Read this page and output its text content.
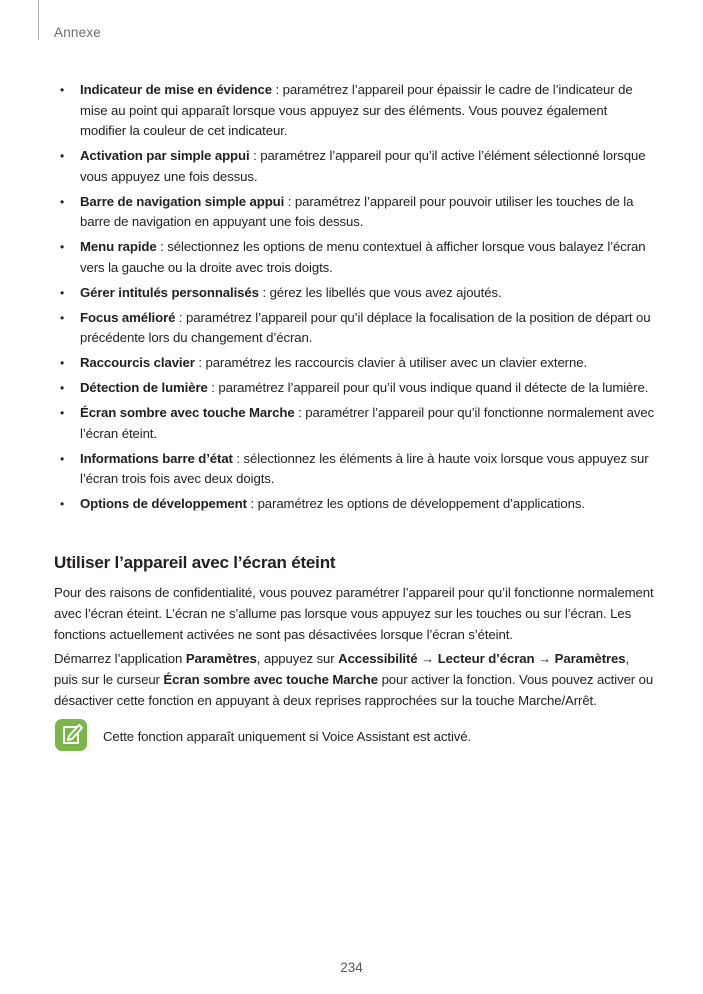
Annexe
• Indicateur de mise en évidence : paramétrez l’appareil pour épaissir le cadre de l’indicateur de mise au point qui apparaît lorsque vous appuyez sur des éléments. Vous pouvez également modifier la couleur de cet indicateur.
• Activation par simple appui : paramétrez l’appareil pour qu’il active l’élément sélectionné lorsque vous appuyez une fois dessus.
• Barre de navigation simple appui : paramétrez l’appareil pour pouvoir utiliser les touches de la barre de navigation en appuyant une fois dessus.
• Menu rapide : sélectionnez les options de menu contextuel à afficher lorsque vous balayez l’écran vers la gauche ou la droite avec trois doigts.
• Gérer intitulés personnalisés : gérez les libellés que vous avez ajoutés.
• Focus amélioré : paramétrez l’appareil pour qu’il déplace la focalisation de la position de départ ou précédente lors du changement d’écran.
• Raccourcis clavier : paramétrez les raccourcis clavier à utiliser avec un clavier externe.
• Détection de lumière : paramétrez l’appareil pour qu’il vous indique quand il détecte de la lumière.
• Écran sombre avec touche Marche : paramétrer l’appareil pour qu’il fonctionne normalement avec l’écran éteint.
• Informations barre d’état : sélectionnez les éléments à lire à haute voix lorsque vous appuyez sur l’écran trois fois avec deux doigts.
• Options de développement : paramétrez les options de développement d’applications.
Utiliser l’appareil avec l’écran éteint

Pour des raisons de confidentialité, vous pouvez paramétrer l’appareil pour qu’il fonctionne normalement avec l’écran éteint. L’écran ne s’allume pas lorsque vous appuyez sur les touches ou sur l’écran. Les fonctions actuellement activées ne sont pas désactivées lorsque l’écran s’éteint.

Démarrez l’application Paramètres, appuyez sur Accessibilité → Lecteur d’écran → Paramètres, puis sur le curseur Écran sombre avec touche Marche pour activer la fonction. Vous pouvez activer ou désactiver cette fonction en appuyant à deux reprises rapprochées sur la touche Marche/Arrêt.

Cette fonction apparaît uniquement si Voice Assistant est activé.
234
